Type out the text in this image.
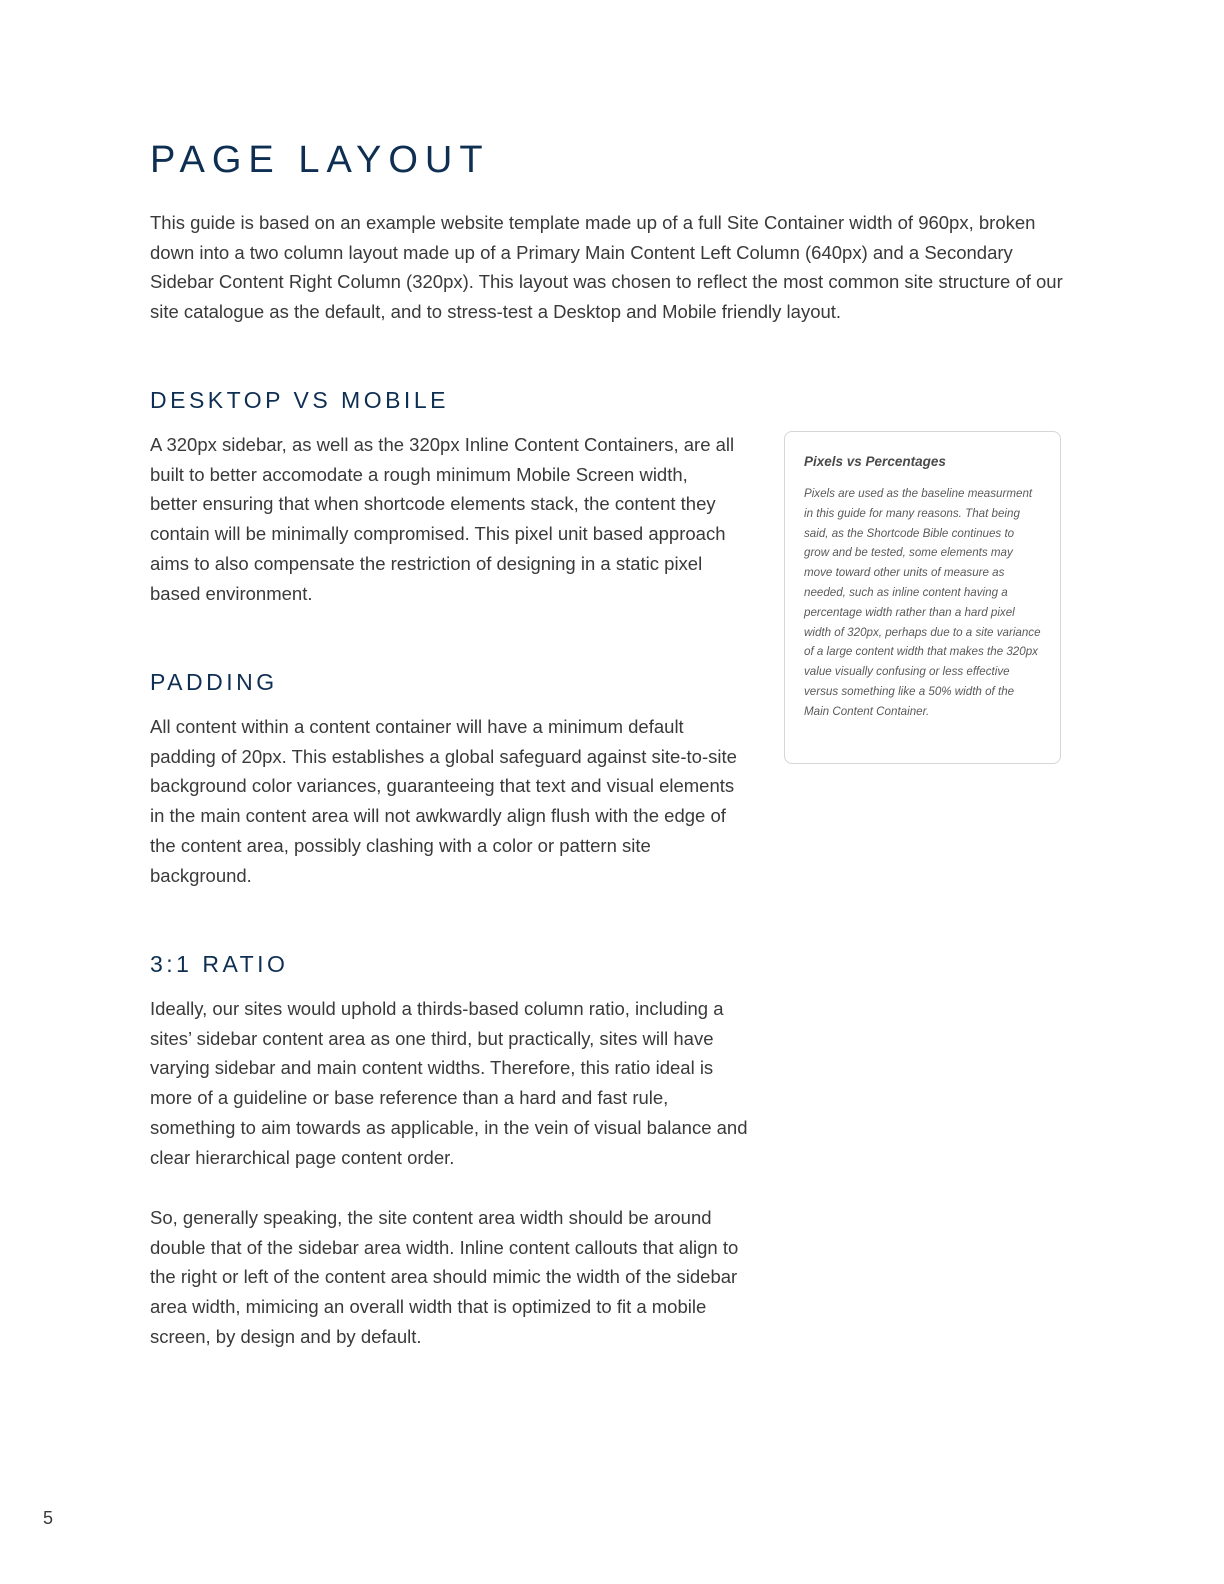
PAGE LAYOUT

This guide is based on an example website template made up of a full Site Container width of 960px, broken down into a two column layout made up of a Primary Main Content Left Column (640px) and a Secondary Sidebar Content Right Column (320px). This layout was chosen to reflect the most common site structure of our site catalogue as the default, and to stress-test a Desktop and Mobile friendly layout.

DESKTOP VS MOBILE

A 320px sidebar, as well as the 320px Inline Content Containers, are all built to better accomodate a rough minimum Mobile Screen width, better ensuring that when shortcode elements stack, the content they contain will be minimally compromised. This pixel unit based approach aims to also compensate the restriction of designing in a static pixel based environment.

Pixels vs Percentages

Pixels are used as the baseline measurment in this guide for many reasons. That being said, as the Shortcode Bible continues to grow and be tested, some elements may move toward other units of measure as needed, such as inline content having a percentage width rather than a hard pixel width of 320px, perhaps due to a site variance of a large content width that makes the 320px value visually confusing or less effective versus something like a 50% width of the Main Content Container.

PADDING

All content within a content container will have a minimum default padding of 20px. This establishes a global safeguard against site-to-site background color variances, guaranteeing that text and visual elements in the main content area will not awkwardly align flush with the edge of the content area, possibly clashing with a color or pattern site background.

3:1 RATIO

Ideally, our sites would uphold a thirds-based column ratio, including a sites’ sidebar content area as one third, but practically, sites will have varying sidebar and main content widths. Therefore, this ratio ideal is more of a guideline or base reference than a hard and fast rule, something to aim towards as applicable, in the vein of visual balance and clear hierarchical page content order.

So, generally speaking, the site content area width should be around double that of the sidebar area width. Inline content callouts that align to the right or left of the content area should mimic the width of the sidebar area width, mimicing an overall width that is optimized to fit a mobile screen, by design and by default.

5
